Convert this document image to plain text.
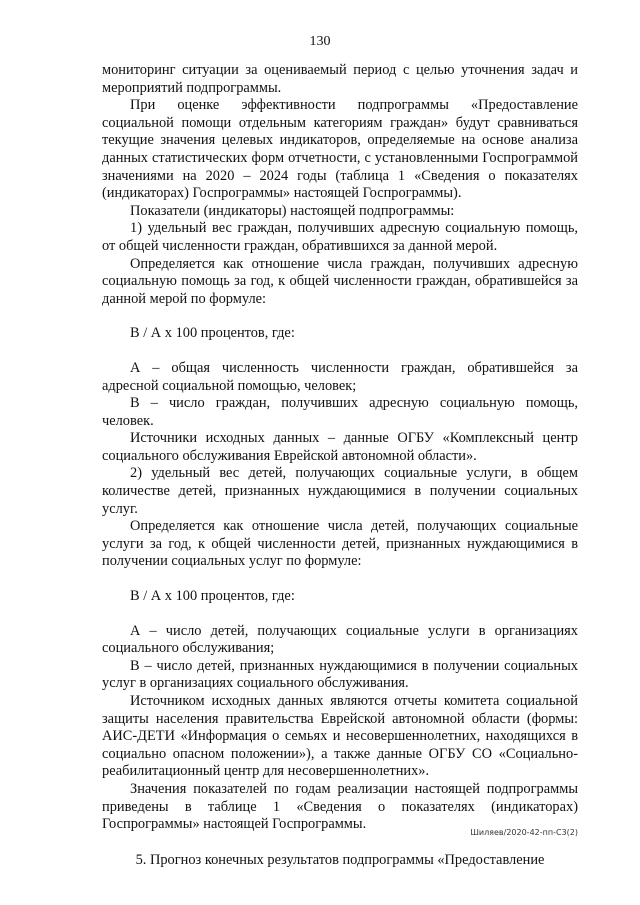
130

мониторинг ситуации за оцениваемый период с целью уточнения задач и мероприятий подпрограммы.

При оценке эффективности подпрограммы «Предоставление социальной помощи отдельным категориям граждан» будут сравниваться текущие значения целевых индикаторов, определяемые на основе анализа данных статистических форм отчетности, с установленными Госпрограммой значениями на 2020 – 2024 годы (таблица 1 «Сведения о показателях (индикаторах) Госпрограммы» настоящей Госпрограммы).

Показатели (индикаторы) настоящей подпрограммы:

1) удельный вес граждан, получивших адресную социальную помощь, от общей численности граждан, обратившихся за данной мерой.

Определяется как отношение числа граждан, получивших адресную социальную помощь за год, к общей численности граждан, обратившейся за данной мерой по формуле:

В / А х 100 процентов, где:

А – общая численность численности граждан, обратившейся за адресной социальной помощью, человек;

В – число граждан, получивших адресную социальную помощь, человек.

Источники исходных данных – данные ОГБУ «Комплексный центр социального обслуживания Еврейской автономной области».

2) удельный вес детей, получающих социальные услуги, в общем количестве детей, признанных нуждающимися в получении социальных услуг.

Определяется как отношение числа детей, получающих социальные услуги за год, к общей численности детей, признанных нуждающимися в получении социальных услуг по формуле:

В / А х 100 процентов, где:

А – число детей, получающих социальные услуги в организациях социального обслуживания;

В – число детей, признанных нуждающимися в получении социальных услуг в организациях социального обслуживания.

Источником исходных данных являются отчеты комитета социальной защиты населения правительства Еврейской автономной области (формы: АИС-ДЕТИ «Информация о семьях и несовершеннолетних, находящихся в социально опасном положении»), а также данные ОГБУ СО «Социально-реабилитационный центр для несовершеннолетних».

Значения показателей по годам реализации настоящей подпрограммы приведены в таблице 1 «Сведения о показателях (индикаторах) Госпрограммы» настоящей Госпрограммы.

5. Прогноз конечных результатов подпрограммы «Предоставление

Шиляев/2020-42-пп-С3(2)
